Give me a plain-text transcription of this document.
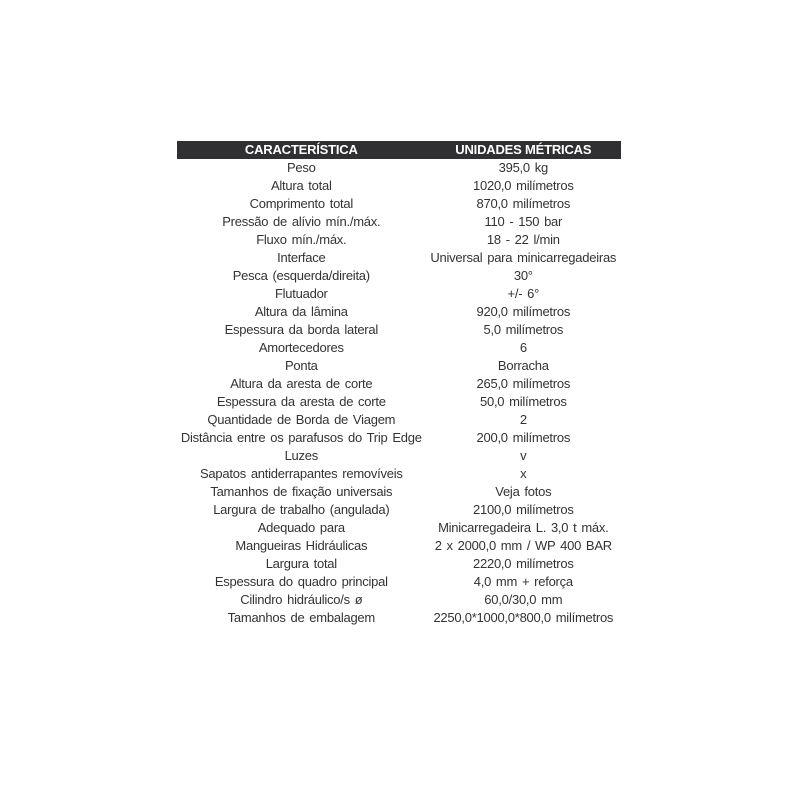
CARACTERÍSTICA	UNIDADES MÉTRICAS
Peso	395,0 kg
Altura total	1020,0 milímetros
Comprimento total	870,0 milímetros
Pressão de alívio mín./máx.	110 - 150 bar
Fluxo mín./máx.	18 - 22 l/min
Interface	Universal para minicarregadeiras
Pesca (esquerda/direita)	30°
Flutuador	+/- 6°
Altura da lâmina	920,0 milímetros
Espessura da borda lateral	5,0 milímetros
Amortecedores	6
Ponta	Borracha
Altura da aresta de corte	265,0 milímetros
Espessura da aresta de corte	50,0 milímetros
Quantidade de Borda de Viagem	2
Distância entre os parafusos do Trip Edge	200,0 milímetros
Luzes	v
Sapatos antiderrapantes removíveis	x
Tamanhos de fixação universais	Veja fotos
Largura de trabalho (angulada)	2100,0 milímetros
Adequado para	Minicarregadeira L. 3,0 t máx.
Mangueiras Hidráulicas	2 x 2000,0 mm / WP 400 BAR
Largura total	2220,0 milímetros
Espessura do quadro principal	4,0 mm + reforça
Cilindro hidráulico/s ø	60,0/30,0 mm
Tamanhos de embalagem	2250,0*1000,0*800,0 milímetros
